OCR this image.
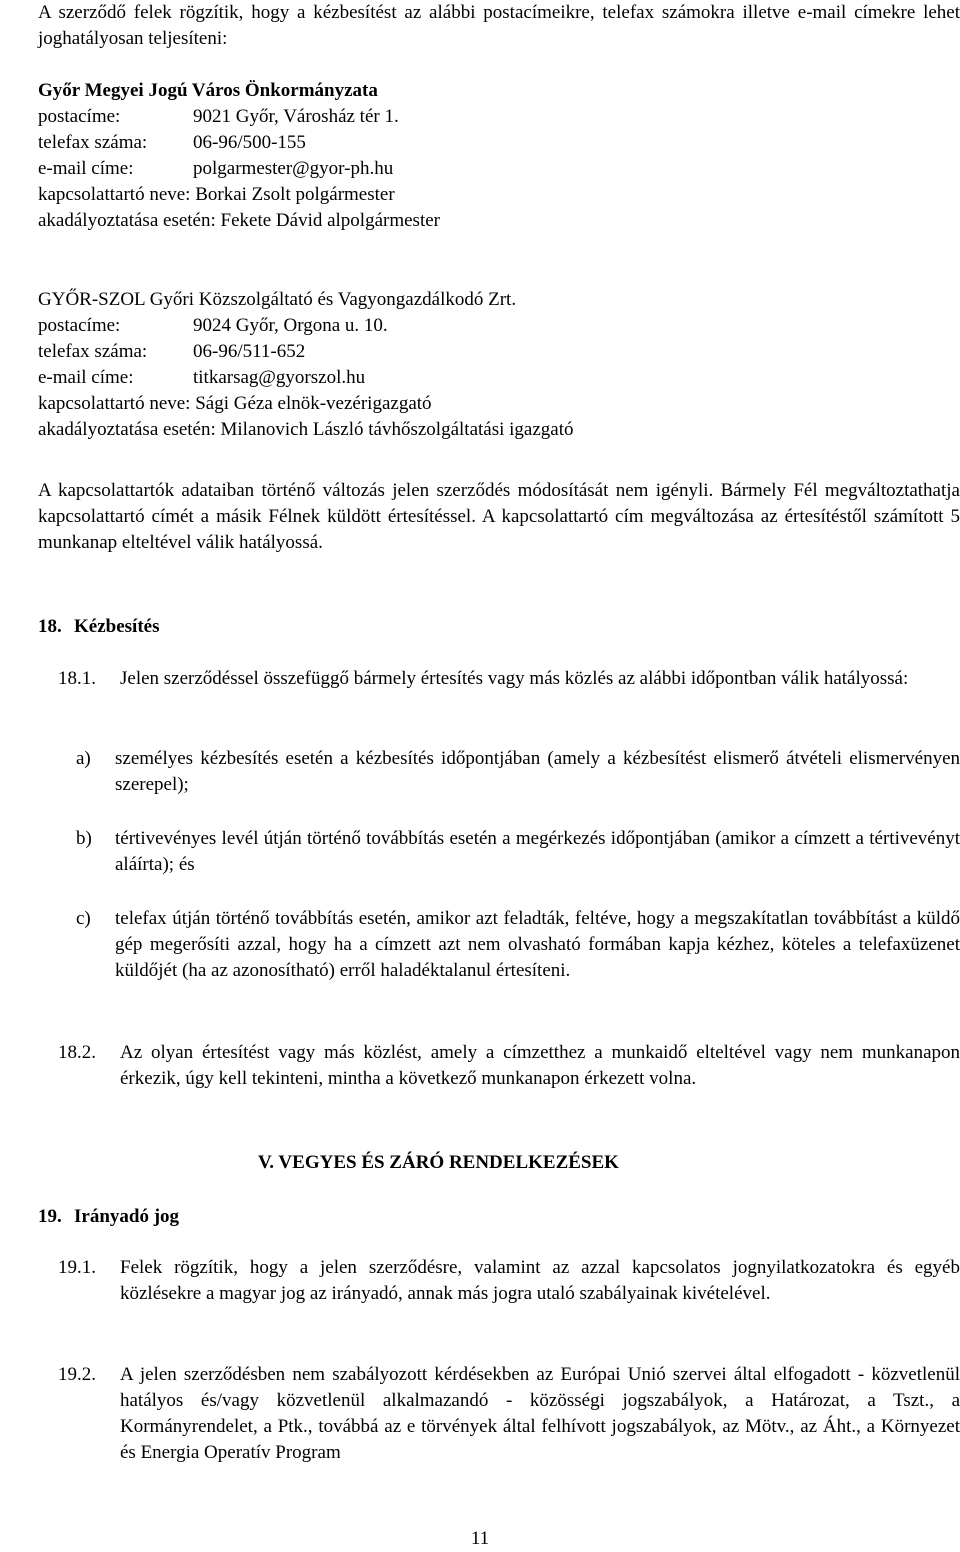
A szerződő felek rögzítik, hogy a kézbesítést az alábbi postacímeikre, telefax számokra illetve e-mail címekre lehet joghatályosan teljesíteni:
Győr Megyei Jogú Város Önkormányzata
postacíme:	9021 Győr, Városház tér 1.
telefax száma: 06-96/500-155
e-mail címe:	polgarmester@gyor-ph.hu
kapcsolattartó neve: Borkai Zsolt polgármester
akadályoztatása esetén: Fekete Dávid alpolgármester
GYŐR-SZOL Győri Közszolgáltató és Vagyongazdálkodó Zrt.
postacíme:	9024 Győr, Orgona u. 10.
telefax száma: 06-96/511-652
e-mail címe:	titkarsag@gyorszol.hu
kapcsolattartó neve: Sági Géza elnök-vezérigazgató
akadályoztatása esetén: Milanovich László távhőszolgáltatási igazgató
A kapcsolattartók adataiban történő változás jelen szerződés módosítását nem igényli. Bármely Fél megváltoztathatja kapcsolattartó címét a másik Félnek küldött értesítéssel. A kapcsolattartó cím megváltozása az értesítéstől számított 5 munkanap elteltével válik hatályossá.
18. Kézbesítés
18.1.	Jelen szerződéssel összefüggő bármely értesítés vagy más közlés az alábbi időpontban válik hatályossá:
a)	személyes kézbesítés esetén a kézbesítés időpontjában (amely a kézbesítést elismerő átvételi elismervényen szerepel);
b)	tértivevényes levél útján történő továbbítás esetén a megérkezés időpontjában (amikor a címzett a tértivevényt aláírta); és
c)	telefax útján történő továbbítás esetén, amikor azt feladták, feltéve, hogy a megszakítatlan továbbítást a küldő gép megerősíti azzal, hogy ha a címzett azt nem olvasható formában kapja kézhez, köteles a telefaxüzenet küldőjét (ha az azonosítható) erről haladéktalanul értesíteni.
18.2.	Az olyan értesítést vagy más közlést, amely a címzetthez a munkaidő elteltével vagy nem munkanapon érkezik, úgy kell tekinteni, mintha a következő munkanapon érkezett volna.
V. VEGYES ÉS ZÁRÓ RENDELKEZÉSEK
19. Irányadó jog
19.1.	Felek rögzítik, hogy a jelen szerződésre, valamint az azzal kapcsolatos jognyilatkozatokra és egyéb közlésekre a magyar jog az irányadó, annak más jogra utaló szabályainak kivételével.
19.2.	A jelen szerződésben nem szabályozott kérdésekben az Európai Unió szervei által elfogadott - közvetlenül hatályos és/vagy közvetlenül alkalmazandó - közösségi jogszabályok, a Határozat, a Tszt., a Kormányrendelet, a Ptk., továbbá az e törvények által felhívott jogszabályok, az Mötv., az Áht., a Környezet és Energia Operatív Program
11
